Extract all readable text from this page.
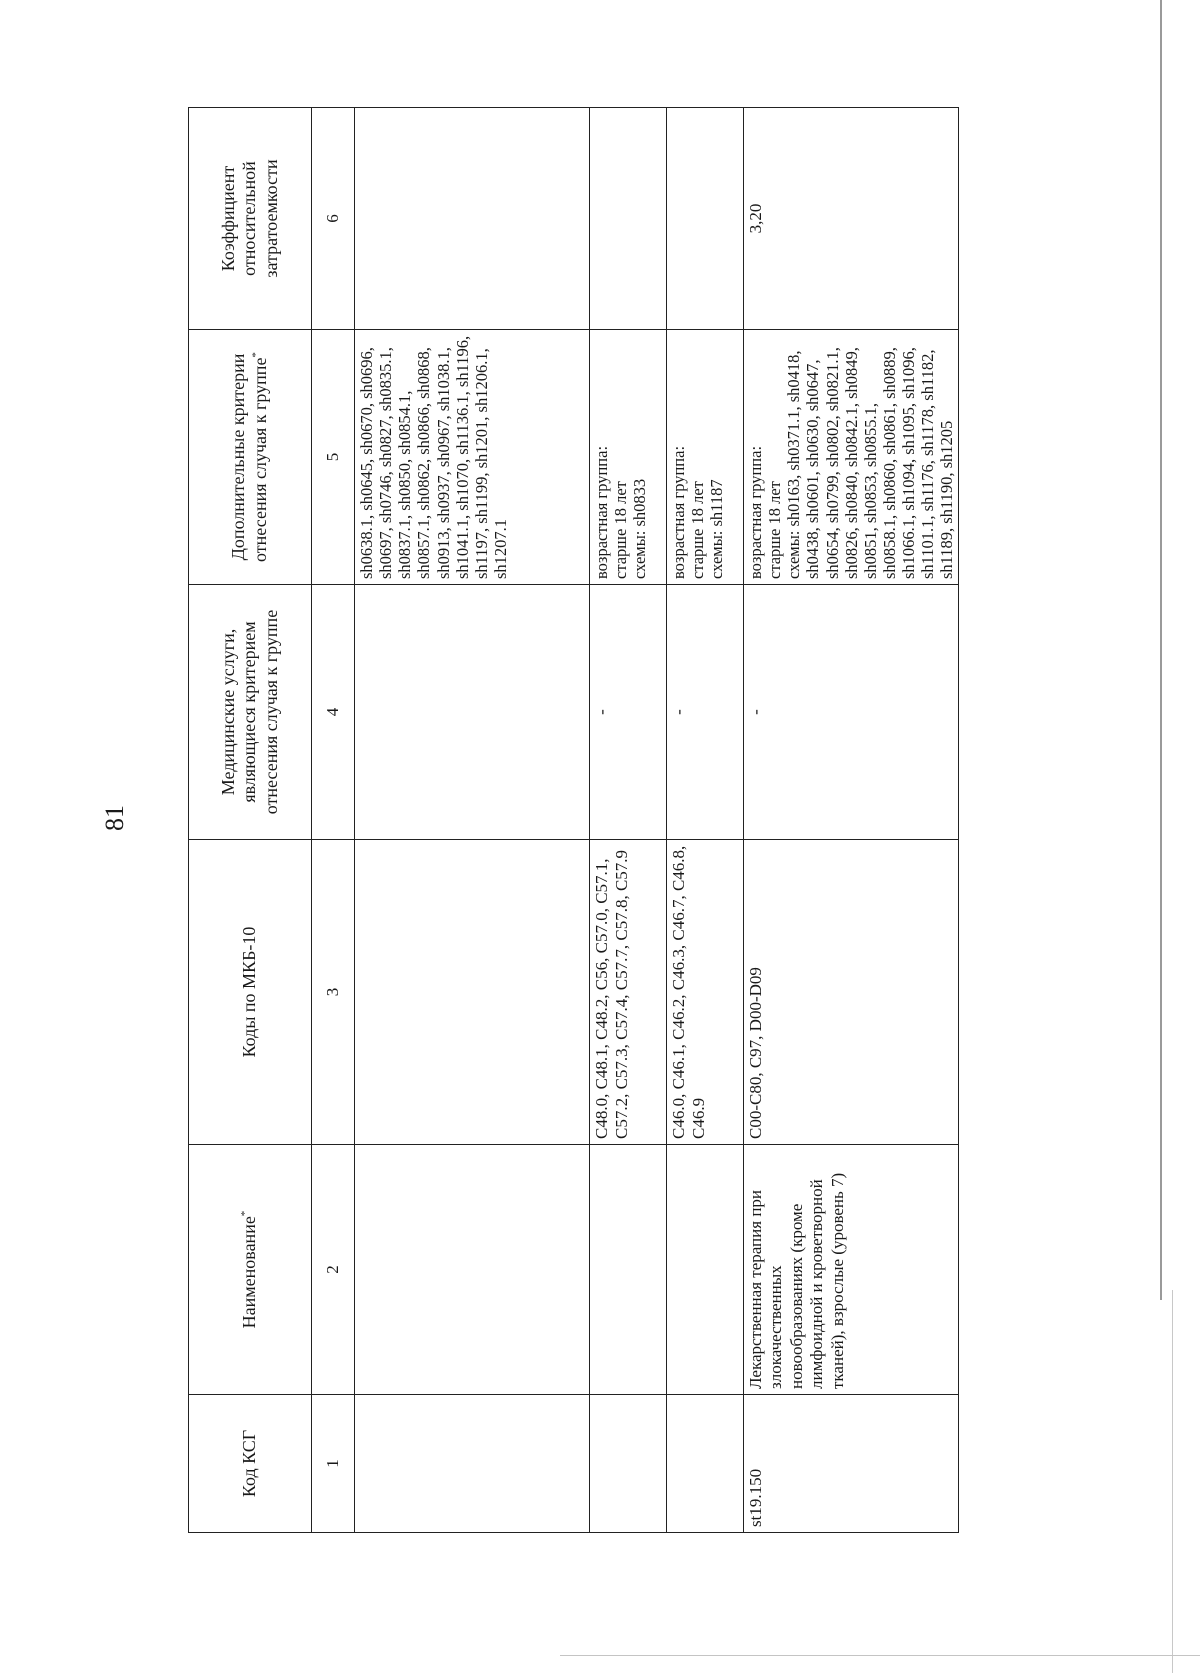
81
Код КСГ	Наименование*	Коды по МКБ-10	Медицинские услуги, являющиеся критерием отнесения случая к группе	Дополнительные критерии отнесения случая к группе*	Коэффициент относительной затратоемкости
1	2	3	4	5	6
				sh0638.1, sh0645, sh0670, sh0696, sh0697, sh0746, sh0827, sh0835.1, sh0837.1, sh0850, sh0854.1, sh0857.1, sh0862, sh0866, sh0868, sh0913, sh0937, sh0967, sh1038.1, sh1041.1, sh1070, sh1136.1, sh1196, sh1197, sh1199, sh1201, sh1206.1, sh1207.1	
		C48.0, C48.1, C48.2, C56, C57.0, C57.1, C57.2, C57.3, C57.4, C57.7, C57.8, C57.9	-	возрастная группа: старше 18 лет схемы: sh0833	

		C46.0, C46.1, C46.2, C46.3, C46.7, C46.8, C46.9	-	возрастная группа: старше 18 лет схемы: sh1187	

st19.150	Лекарственная терапия при злокачественных новообразованиях (кроме лимфоидной и кроветворной тканей), взрослые (уровень 7)	C00-C80, C97, D00-D09	-	возрастная группа: старше 18 лет схемы: sh0163, sh0371.1, sh0418, sh0438, sh0601, sh0630, sh0647, sh0654, sh0799, sh0802, sh0821.1, sh0826, sh0840, sh0842.1, sh0849, sh0851, sh0853, sh0855.1, sh0858.1, sh0860, sh0861, sh0889, sh1066.1, sh1094, sh1095, sh1096, sh1101.1, sh1176, sh1178, sh1182, sh1189, sh1190, sh1205	3,20
